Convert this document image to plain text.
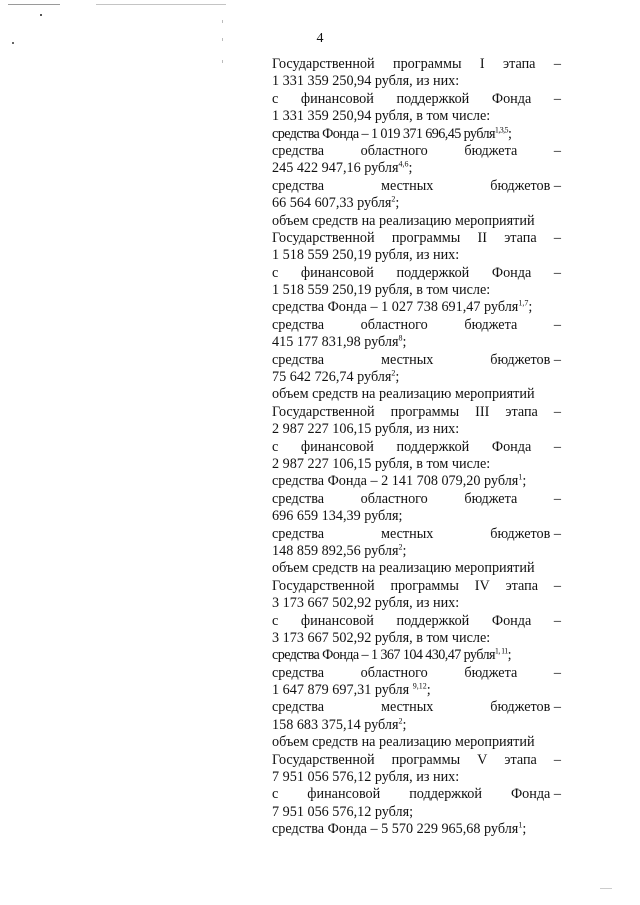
4
Государственной программы I этапа –
1 331 359 250,94 рубля, из них:
с финансовой поддержкой Фонда –
1 331 359 250,94 рубля, в том числе:
средства Фонда – 1 019 371 696,45 рубля$^{1,3,5}$;
средства	областного	бюджета	–
245 422 947,16 рубля$^{4,6}$;
средства	местных	бюджетов –
66 564 607,33 рубля$^2$;
объем средств на реализацию мероприятий
Государственной программы II этапа –
1 518 559 250,19 рубля, из них:
с финансовой поддержкой Фонда –
1 518 559 250,19 рубля, в том числе:
средства Фонда – 1 027 738 691,47 рубля$^{1,7}$;
средства	областного	бюджета	–
415 177 831,98 рубля$^8$;
средства	местных	бюджетов –
75 642 726,74 рубля$^2$;
объем средств на реализацию мероприятий
Государственной программы III этапа –
2 987 227 106,15 рубля, из них:
с финансовой поддержкой Фонда –
2 987 227 106,15 рубля, в том числе:
средства Фонда – 2 141 708 079,20 рубля$^1$;
средства	областного	бюджета	–
696 659 134,39 рубля;
средства	местных	бюджетов –
148 859 892,56 рубля$^2$;
объем средств на реализацию мероприятий
Государственной программы IV этапа –
3 173 667 502,92 рубля, из них:
с финансовой поддержкой Фонда –
3 173 667 502,92 рубля, в том числе:
средства Фонда – 1 367 104 430,47 рубля$^{1, 11}$;
средства	областного	бюджета	–
1 647 879 697,31 рубля $^{9,12}$;
средства	местных	бюджетов –
158 683 375,14 рубля$^2$;
объем средств на реализацию мероприятий
Государственной программы V этапа –
7 951 056 576,12 рубля, из них:
с финансовой поддержкой Фонда –
7 951 056 576,12 рубля;
средства Фонда – 5 570 229 965,68 рубля$^1$;
